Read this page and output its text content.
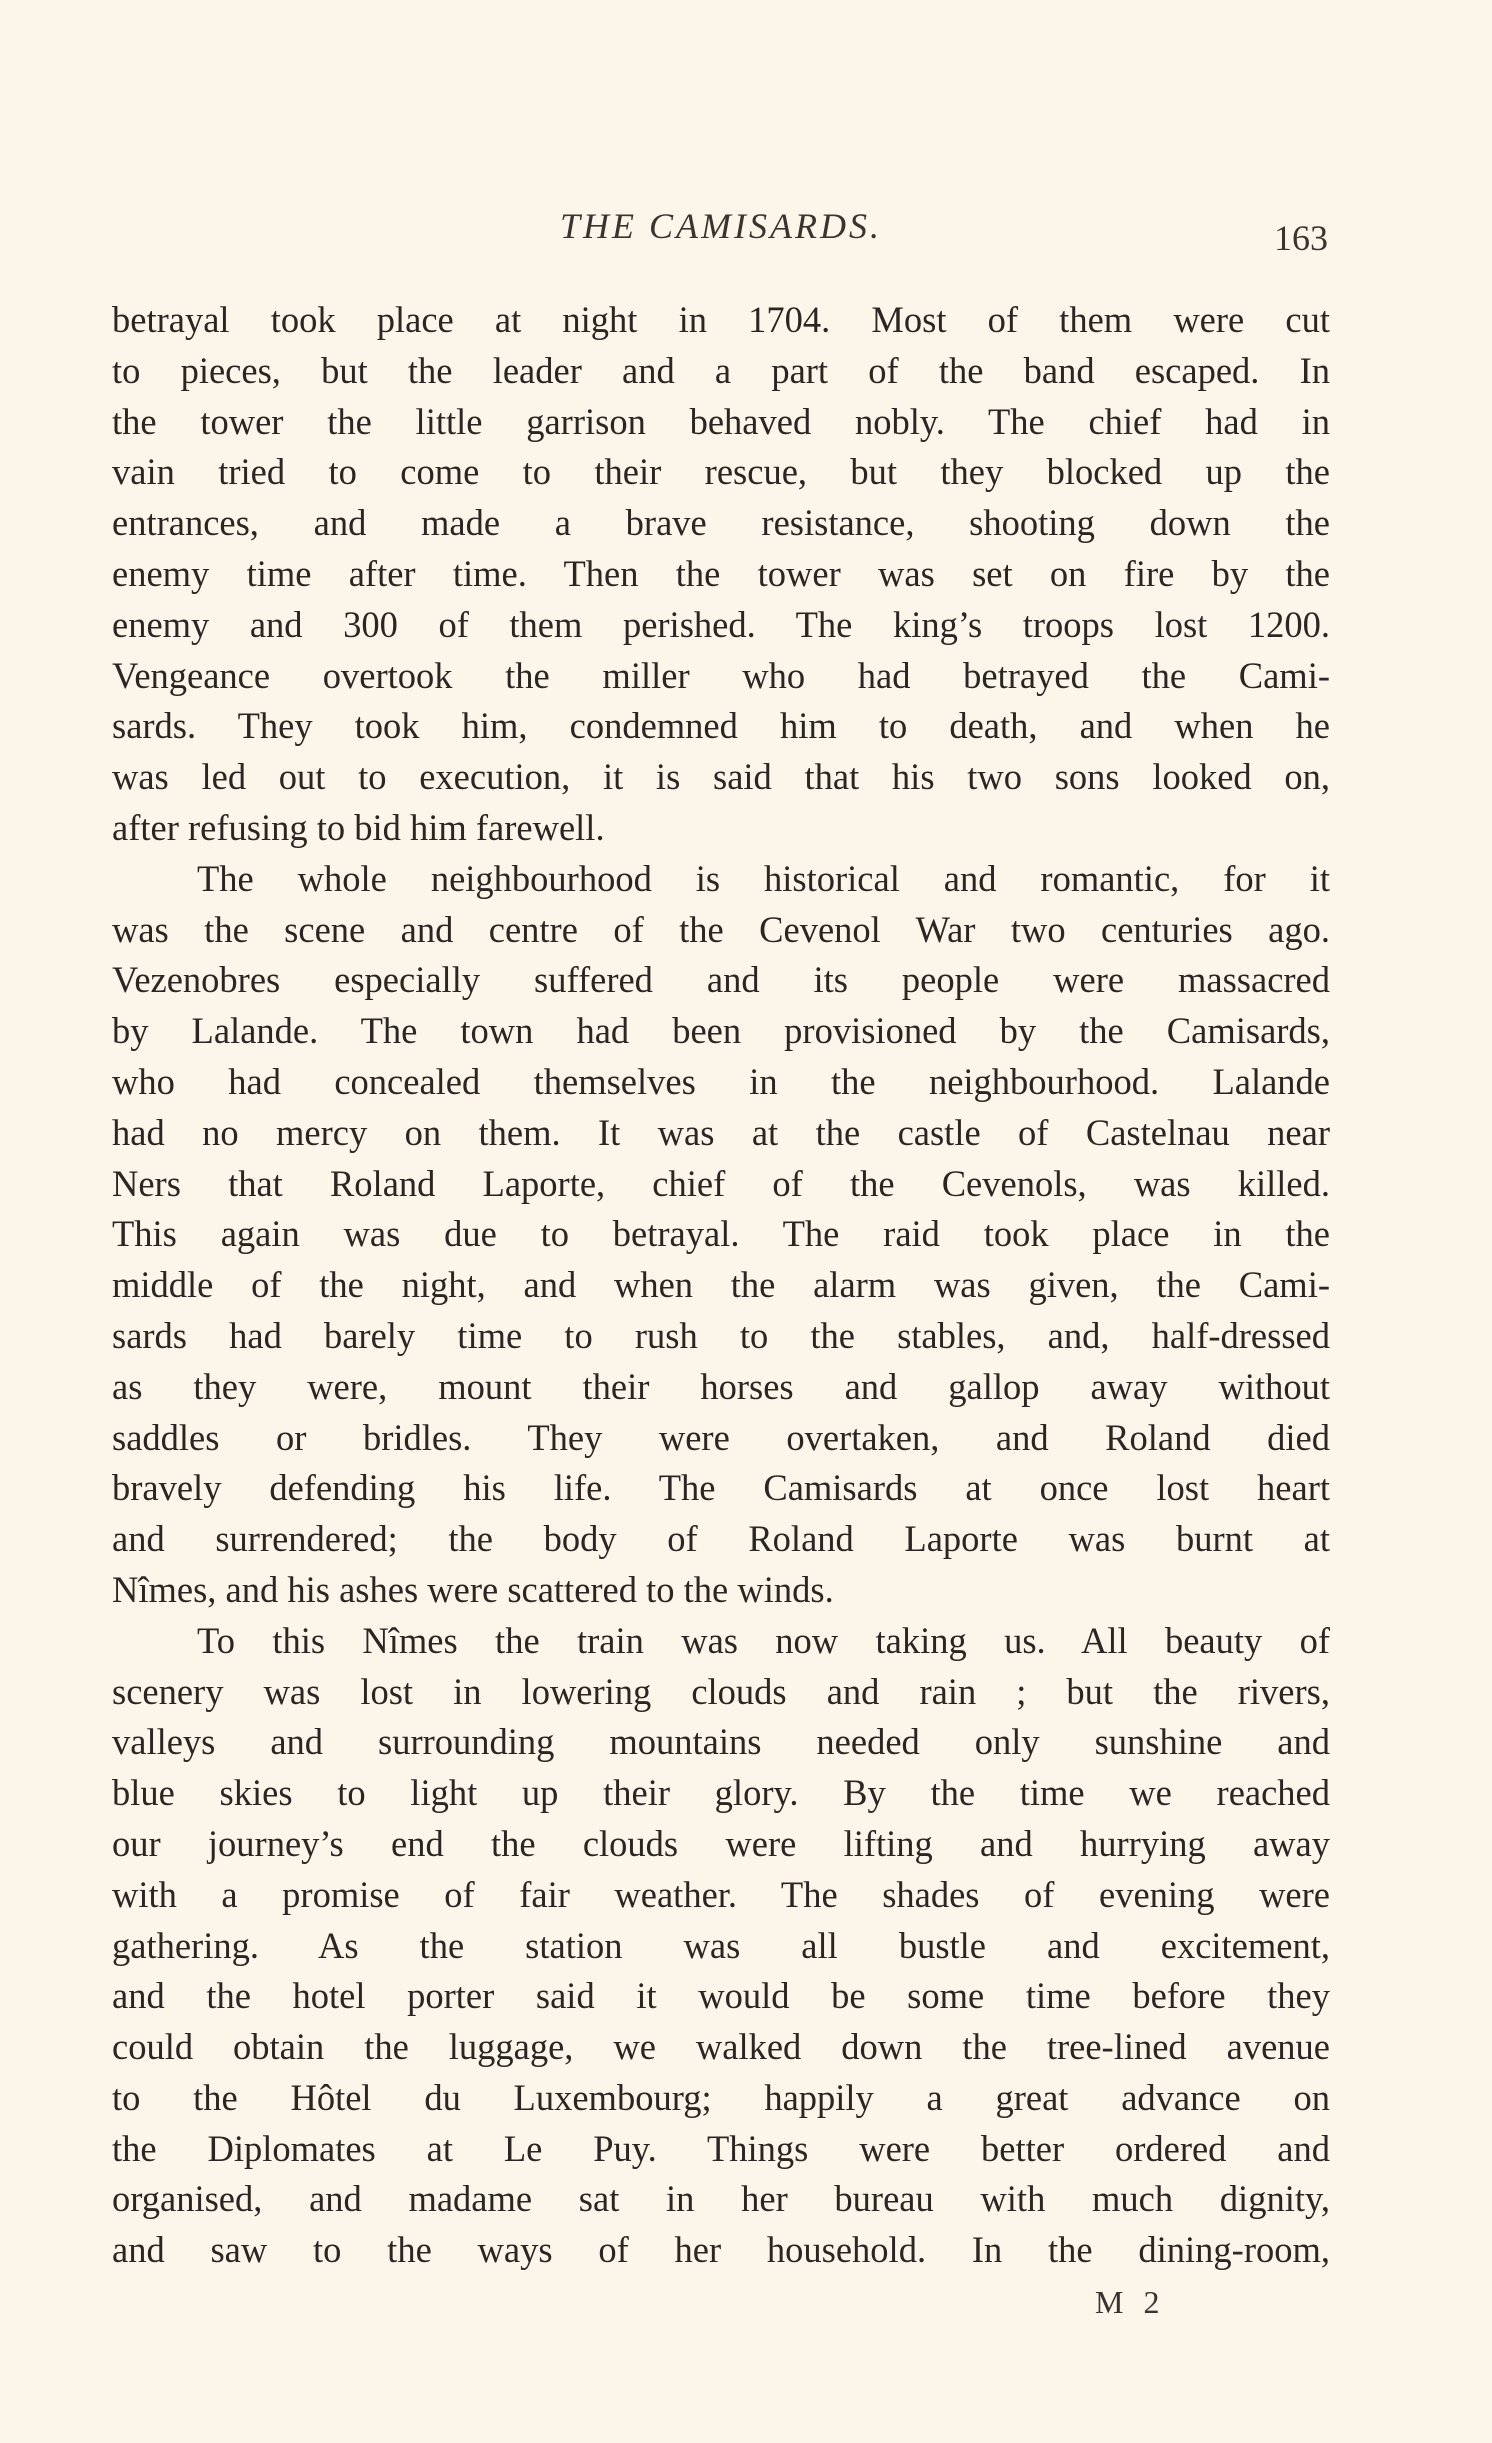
THE CAMISARDS.	163
betrayal took place at night in 1704. Most of them were cut
to pieces, but the leader and a part of the band escaped. In
the tower the little garrison behaved nobly. The chief had in
vain tried to come to their rescue, but they blocked up the
entrances, and made a brave resistance, shooting down the
enemy time after time. Then the tower was set on fire by the
enemy and 300 of them perished. The king’s troops lost 1200.
Vengeance overtook the miller who had betrayed the Cami-
sards. They took him, condemned him to death, and when he
was led out to execution, it is said that his two sons looked on,
after refusing to bid him farewell.
The whole neighbourhood is historical and romantic, for it
was the scene and centre of the Cevenol War two centuries ago.
Vezenobres especially suffered and its people were massacred
by Lalande. The town had been provisioned by the Camisards,
who had concealed themselves in the neighbourhood. Lalande
had no mercy on them. It was at the castle of Castelnau near
Ners that Roland Laporte, chief of the Cevenols, was killed.
This again was due to betrayal. The raid took place in the
middle of the night, and when the alarm was given, the Cami-
sards had barely time to rush to the stables, and, half-dressed
as they were, mount their horses and gallop away without
saddles or bridles. They were overtaken, and Roland died
bravely defending his life. The Camisards at once lost heart
and surrendered; the body of Roland Laporte was burnt at
Nîmes, and his ashes were scattered to the winds.
To this Nîmes the train was now taking us. All beauty of
scenery was lost in lowering clouds and rain ; but the rivers,
valleys and surrounding mountains needed only sunshine and
blue skies to light up their glory. By the time we reached
our journey’s end the clouds were lifting and hurrying away
with a promise of fair weather. The shades of evening were
gathering. As the station was all bustle and excitement,
and the hotel porter said it would be some time before they
could obtain the luggage, we walked down the tree-lined avenue
to the Hôtel du Luxembourg; happily a great advance on
the Diplomates at Le Puy. Things were better ordered and
organised, and madame sat in her bureau with much dignity,
and saw to the ways of her household. In the dining-room,
M 2
